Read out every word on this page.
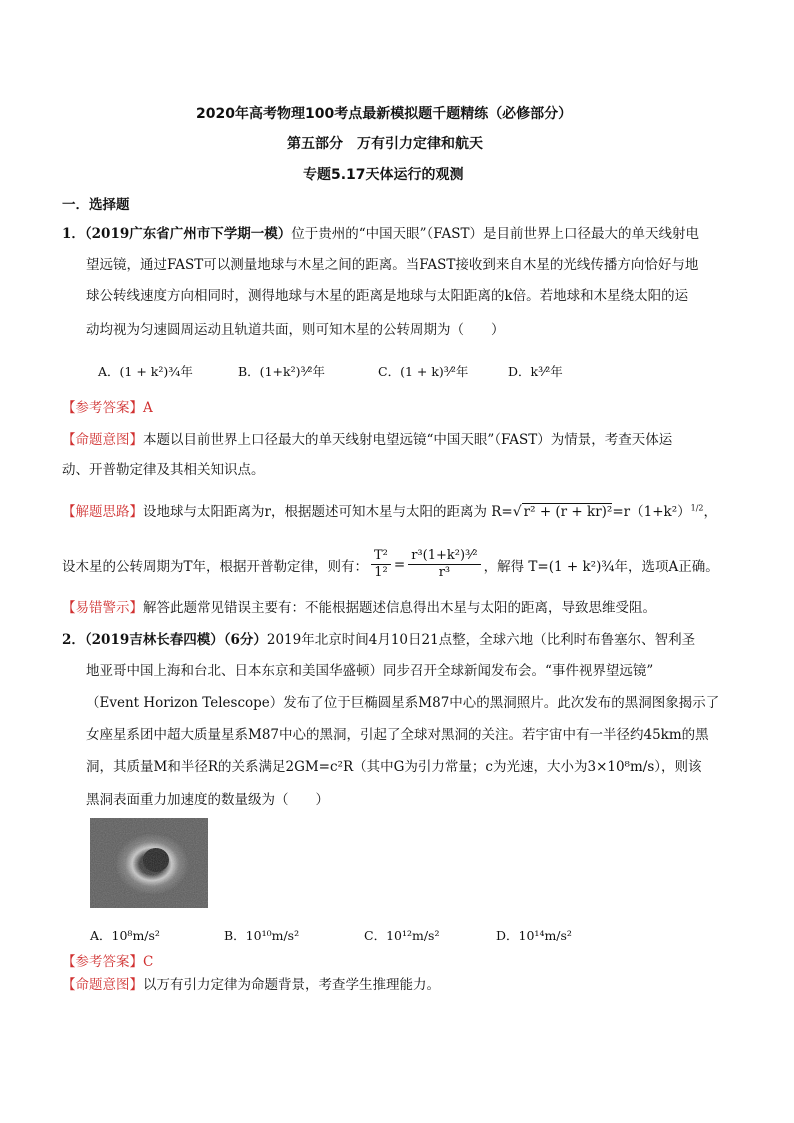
2020年高考物理100考点最新模拟题千题精练（必修部分）
第五部分　万有引力定律和航天
专题5.17天体运行的观测
一．选择题
1．（2019广东省广州市下学期一模）位于贵州的“中国天眼”（FAST）是目前世界上口径最大的单天线射电
望远镜，通过FAST可以测量地球与木星之间的距离。当FAST接收到来自木星的光线传播方向恰好与地
球公转线速度方向相同时，测得地球与木星的距离是地球与太阳距离的k倍。若地球和木星绕太阳的运
动均视为匀速圆周运动且轨道共面，则可知木星的公转周期为（　　）
A．(1 + k²)¾年	B．(1+k²)³⁄²年	C．(1 + k)³⁄²年	D．k³⁄²年
【参考答案】A
【命题意图】本题以目前世界上口径最大的单天线射电望远镜“中国天眼”（FAST）为情景，考查天体运
动、开普勒定律及其相关知识点。
【解题思路】设地球与太阳距离为r，根据题述可知木星与太阳的距离为 R=√ $r^2 + (r + kr)^2=r(1+k^2)^{1/2}$，
设木星的公转周期为T年，根据开普勒定律，则有： $\frac{\text{T²}}{\text{1²}} = \frac{\text{r³(1+k²)³⁄²}}{\text{r³}}$ ，解得 T=(1 + k²)¾年，选项A正确。
【易错警示】解答此题常见错误主要有：不能根据题述信息得出木星与太阳的距离，导致思维受阻。
2．（2019吉林长春四模）（6分）2019年北京时间4月10日21点整，全球六地（比利时布鲁塞尔、智利圣
地亚哥中国上海和台北、日本东京和美国华盛顿）同步召开全球新闻发布会。“事件视界望远镜”
（Event Horizon Telescope）发布了位于巨椭圆星系M87中心的黑洞照片。此次发布的黑洞图象揭示了
女座星系团中超大质量星系M87中心的黑洞，引起了全球对黑洞的关注。若宇宙中有一半径约45km的黑
洞，其质量M和半径R的关系满足2GM=c²R（其中G为引力常量；c为光速，大小为3×10⁸m/s），则该
黑洞表面重力加速度的数量级为（　　）
A．10⁸m/s²	B．10¹⁰m/s²	C．10¹²m/s²	D．10¹⁴m/s²
【参考答案】C
【命题意图】以万有引力定律为命题背景，考查学生推理能力。
